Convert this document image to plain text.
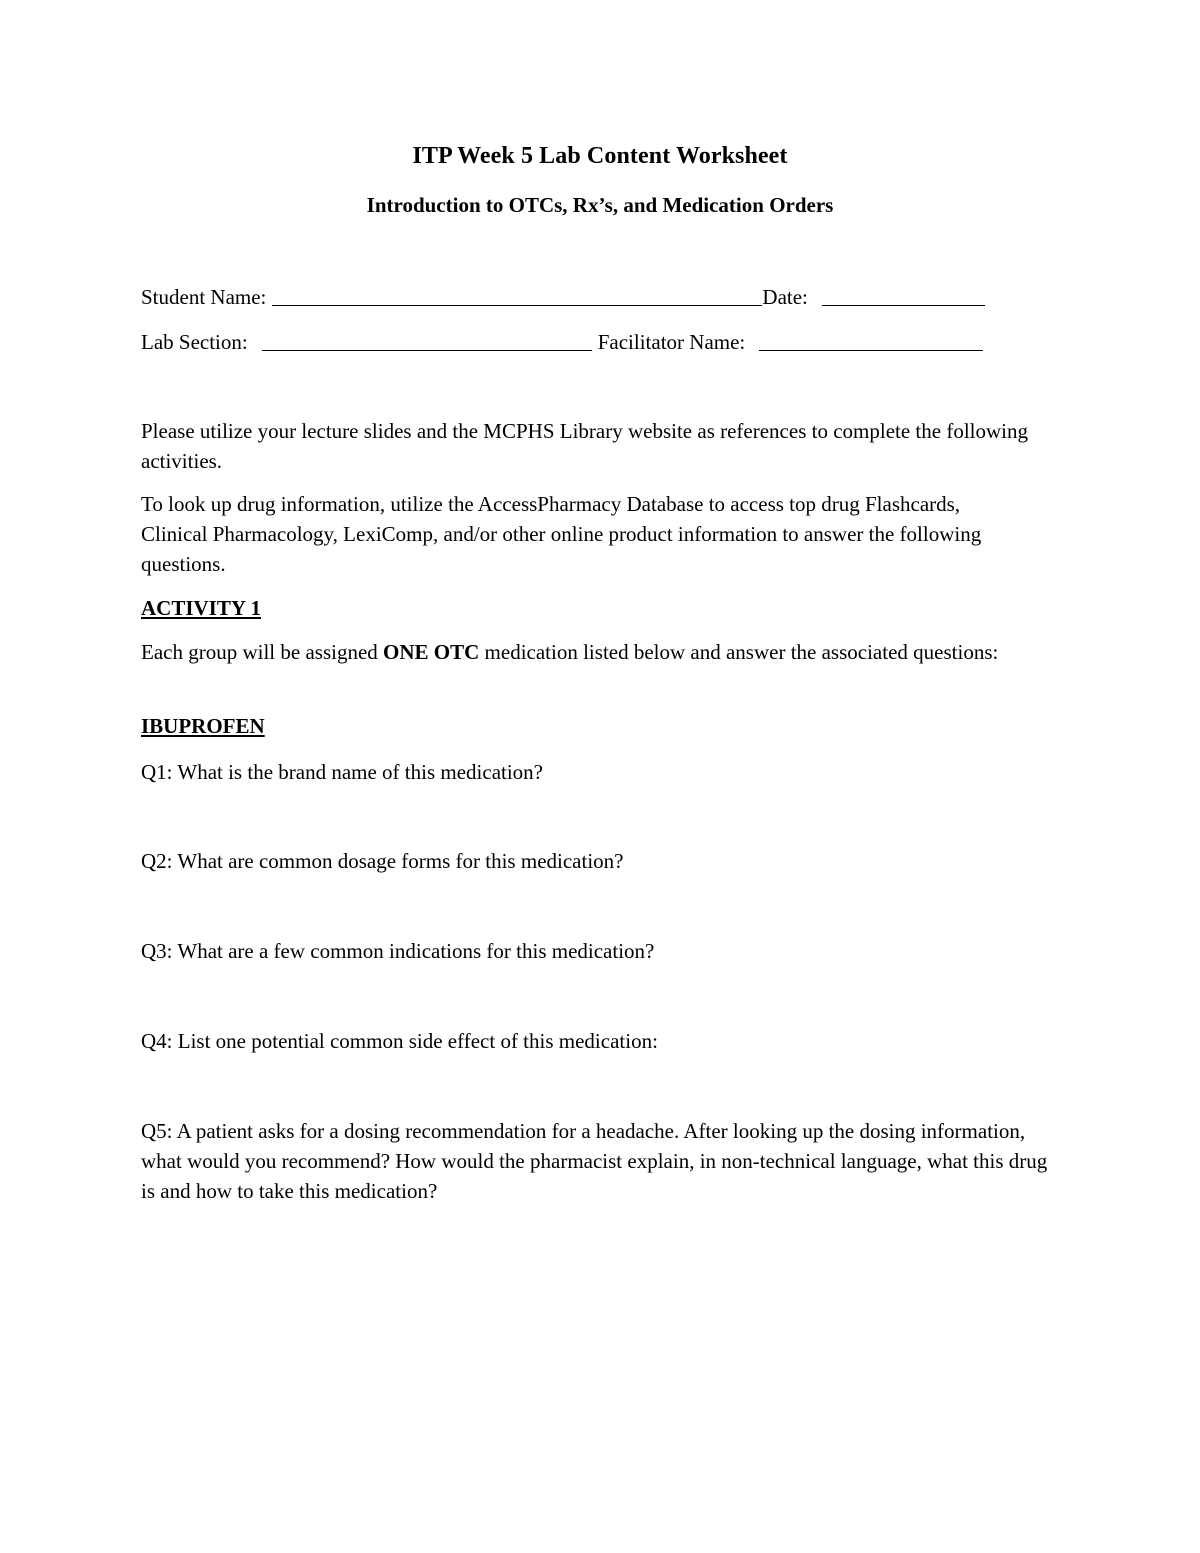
ITP Week 5 Lab Content Worksheet
Introduction to OTCs, Rx’s, and Medication Orders
Student Name:	Date:
Lab Section:	Facilitator Name:
Please utilize your lecture slides and the MCPHS Library website as references to complete the following activities.
To look up drug information, utilize the AccessPharmacy Database to access top drug Flashcards, Clinical Pharmacology, LexiComp, and/or other online product information to answer the following questions.
ACTIVITY 1
Each group will be assigned ONE OTC medication listed below and answer the associated questions:
IBUPROFEN
Q1: What is the brand name of this medication?
Q2: What are common dosage forms for this medication?
Q3: What are a few common indications for this medication?
Q4: List one potential common side effect of this medication:
Q5: A patient asks for a dosing recommendation for a headache. After looking up the dosing information, what would you recommend? How would the pharmacist explain, in non-technical language, what this drug is and how to take this medication?
